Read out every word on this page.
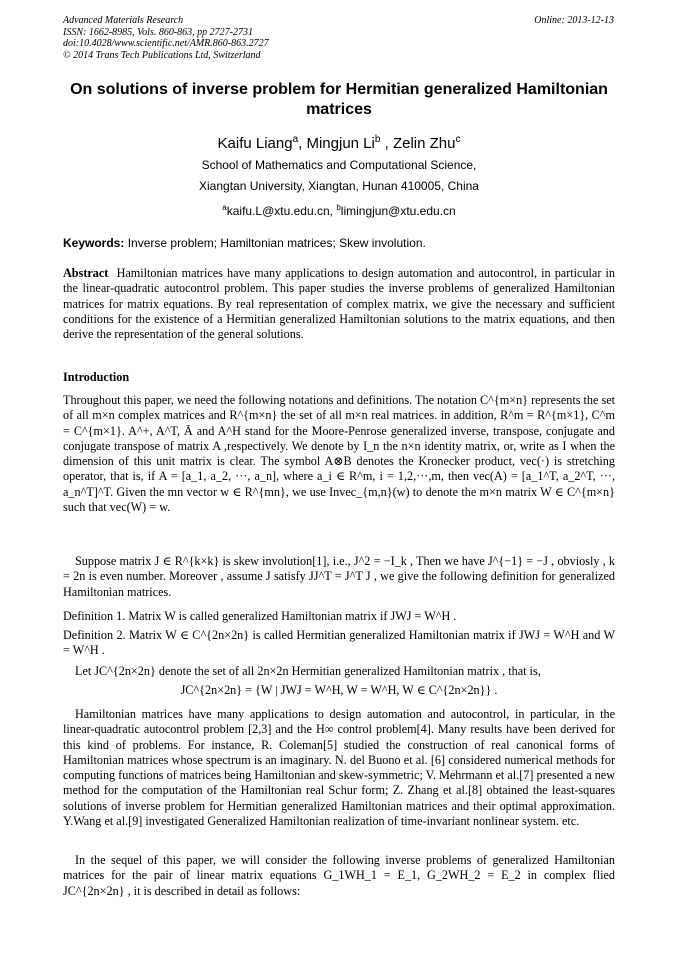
Advanced Materials Research
ISSN: 1662-8985, Vols. 860-863, pp 2727-2731
doi:10.4028/www.scientific.net/AMR.860-863.2727
© 2014 Trans Tech Publications Ltd, Switzerland
Online: 2013-12-13
On solutions of inverse problem for Hermitian generalized Hamiltonian matrices
Kaifu Liang$^a$, Mingjun Li$^b$ , Zelin Zhu$^c$
School of Mathematics and Computational Science,
Xiangtan University, Xiangtan, Hunan 410005, China
$^a$kaifu.L@xtu.edu.cn, $^b$limingjun@xtu.edu.cn
Keywords: Inverse problem; Hamiltonian matrices; Skew involution.
Abstract Hamiltonian matrices have many applications to design automation and autocontrol, in particular in the linear-quadratic autocontrol problem. This paper studies the inverse problems of generalized Hamiltonian matrices for matrix equations. By real representation of complex matrix, we give the necessary and sufficient conditions for the existence of a Hermitian generalized Hamiltonian solutions to the matrix equations, and then derive the representation of the general solutions.
Introduction
Throughout this paper, we need the following notations and definitions. The notation C^{m×n} represents the set of all m×n complex matrices and R^{m×n} the set of all m×n real matrices. in addition, R^m = R^{m×1}, C^m = C^{m×1}. A^+, A^T, Ā and A^H stand for the Moore-Penrose generalized inverse, transpose, conjugate and conjugate transpose of matrix A ,respectively. We denote by I_n the n×n identity matrix, or, write as I when the dimension of this unit matrix is clear. The symbol A⊗B denotes the Kronecker product, vec(·) is stretching operator, that is, if A = [a_1, a_2, ···, a_n], where a_i ∈ R^m, i = 1,2,···,m, then vec(A) = [a_1^T, a_2^T, ···, a_n^T]^T. Given the mn vector w ∈ R^{mn}, we use Invec_{m,n}(w) to denote the m×n matrix W ∈ C^{m×n} such that vec(W) = w.
Suppose matrix J ∈ R^{k×k} is skew involution[1], i.e., J^2 = −I_k , Then we have J^{−1} = −J , obviosly , k = 2n is even number. Moreover , assume J satisfy JJ^T = J^T J , we give the following definition for generalized Hamiltonian matrices.
Definition 1. Matrix W is called generalized Hamiltonian matrix if JWJ = W^H .
Definition 2. Matrix W ∈ C^{2n×2n} is called Hermitian generalized Hamiltonian matrix if JWJ = W^H and W = W^H .
Let JC^{2n×2n} denote the set of all 2n×2n Hermitian generalized Hamiltonian matrix , that is,
JC^{2n×2n} = {W | JWJ = W^H, W = W^H, W ∈ C^{2n×2n}} .
Hamiltonian matrices have many applications to design automation and autocontrol, in particular, in the linear-quadratic autocontrol problem [2,3] and the H∞ control problem[4]. Many results have been derived for this kind of problems. For instance, R. Coleman[5] studied the construction of real canonical forms of Hamiltonian matrices whose spectrum is an imaginary. N. del Buono et al. [6] considered numerical methods for computing functions of matrices being Hamiltonian and skew-symmetric; V. Mehrmann et al.[7] presented a new method for the computation of the Hamiltonian real Schur form; Z. Zhang et al.[8] obtained the least-squares solutions of inverse problem for Hermitian generalized Hamiltonian matrices and their optimal approximation. Y.Wang et al.[9] investigated Generalized Hamiltonian realization of time-invariant nonlinear system. etc.
In the sequel of this paper, we will consider the following inverse problems of generalized Hamiltonian matrices for the pair of linear matrix equations G_1WH_1 = E_1, G_2WH_2 = E_2 in complex flied JC^{2n×2n} , it is described in detail as follows:
